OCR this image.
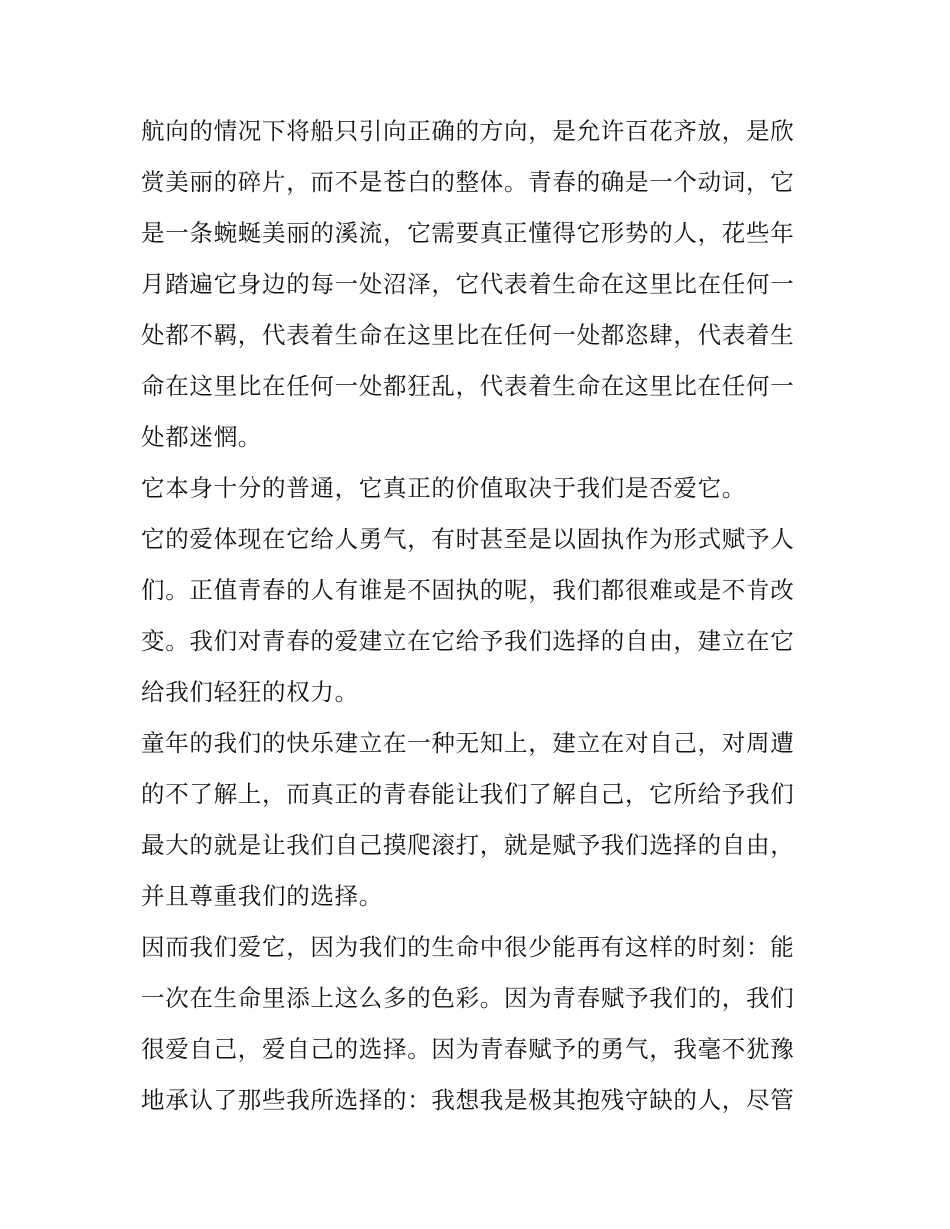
航向的情况下将船只引向正确的方向，是允许百花齐放，是欣
赏美丽的碎片，而不是苍白的整体。青春的确是一个动词，它
是一条蜿蜒美丽的溪流，它需要真正懂得它形势的人，花些年
月踏遍它身边的每一处沼泽，它代表着生命在这里比在任何一
处都不羁，代表着生命在这里比在任何一处都恣肆，代表着生
命在这里比在任何一处都狂乱，代表着生命在这里比在任何一
处都迷惘。
它本身十分的普通，它真正的价值取决于我们是否爱它。
它的爱体现在它给人勇气，有时甚至是以固执作为形式赋予人
们。正值青春的人有谁是不固执的呢，我们都很难或是不肯改
变。我们对青春的爱建立在它给予我们选择的自由，建立在它
给我们轻狂的权力。
童年的我们的快乐建立在一种无知上，建立在对自己，对周遭
的不了解上，而真正的青春能让我们了解自己，它所给予我们
最大的就是让我们自己摸爬滚打，就是赋予我们选择的自由，
并且尊重我们的选择。
因而我们爱它，因为我们的生命中很少能再有这样的时刻：能
一次在生命里添上这么多的色彩。因为青春赋予我们的，我们
很爱自己，爱自己的选择。因为青春赋予的勇气，我毫不犹豫
地承认了那些我所选择的：我想我是极其抱残守缺的人，尽管
